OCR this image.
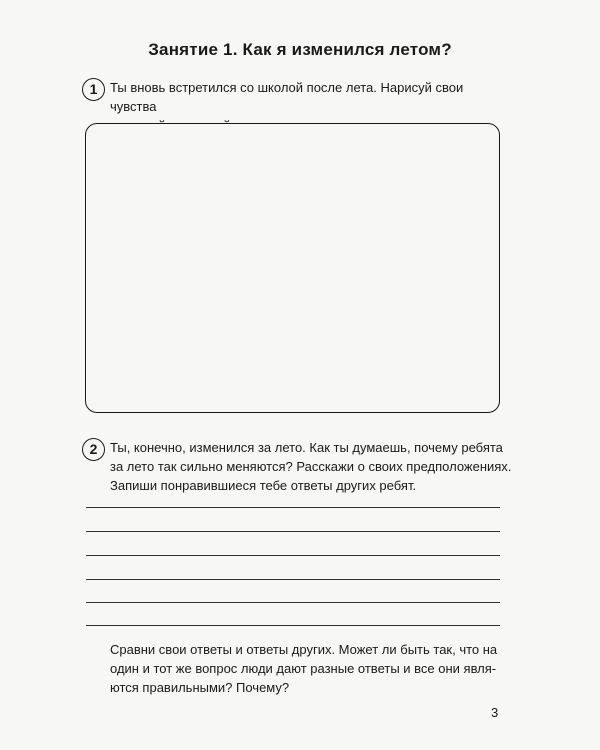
Занятие 1. Как я изменился летом?
1 Ты вновь встретился со школой после лета. Нарисуй свои чувства

2 Ты, конечно, изменился за лето. Как ты думаешь, почему ребята
за лето так сильно меняются? Расскажи о своих предположениях.
Запиши понравившиеся тебе ответы других ребят.
Сравни свои ответы и ответы других. Может ли быть так, что на
один и тот же вопрос люди дают разные ответы и все они явля-
ются правильными? Почему?
3
